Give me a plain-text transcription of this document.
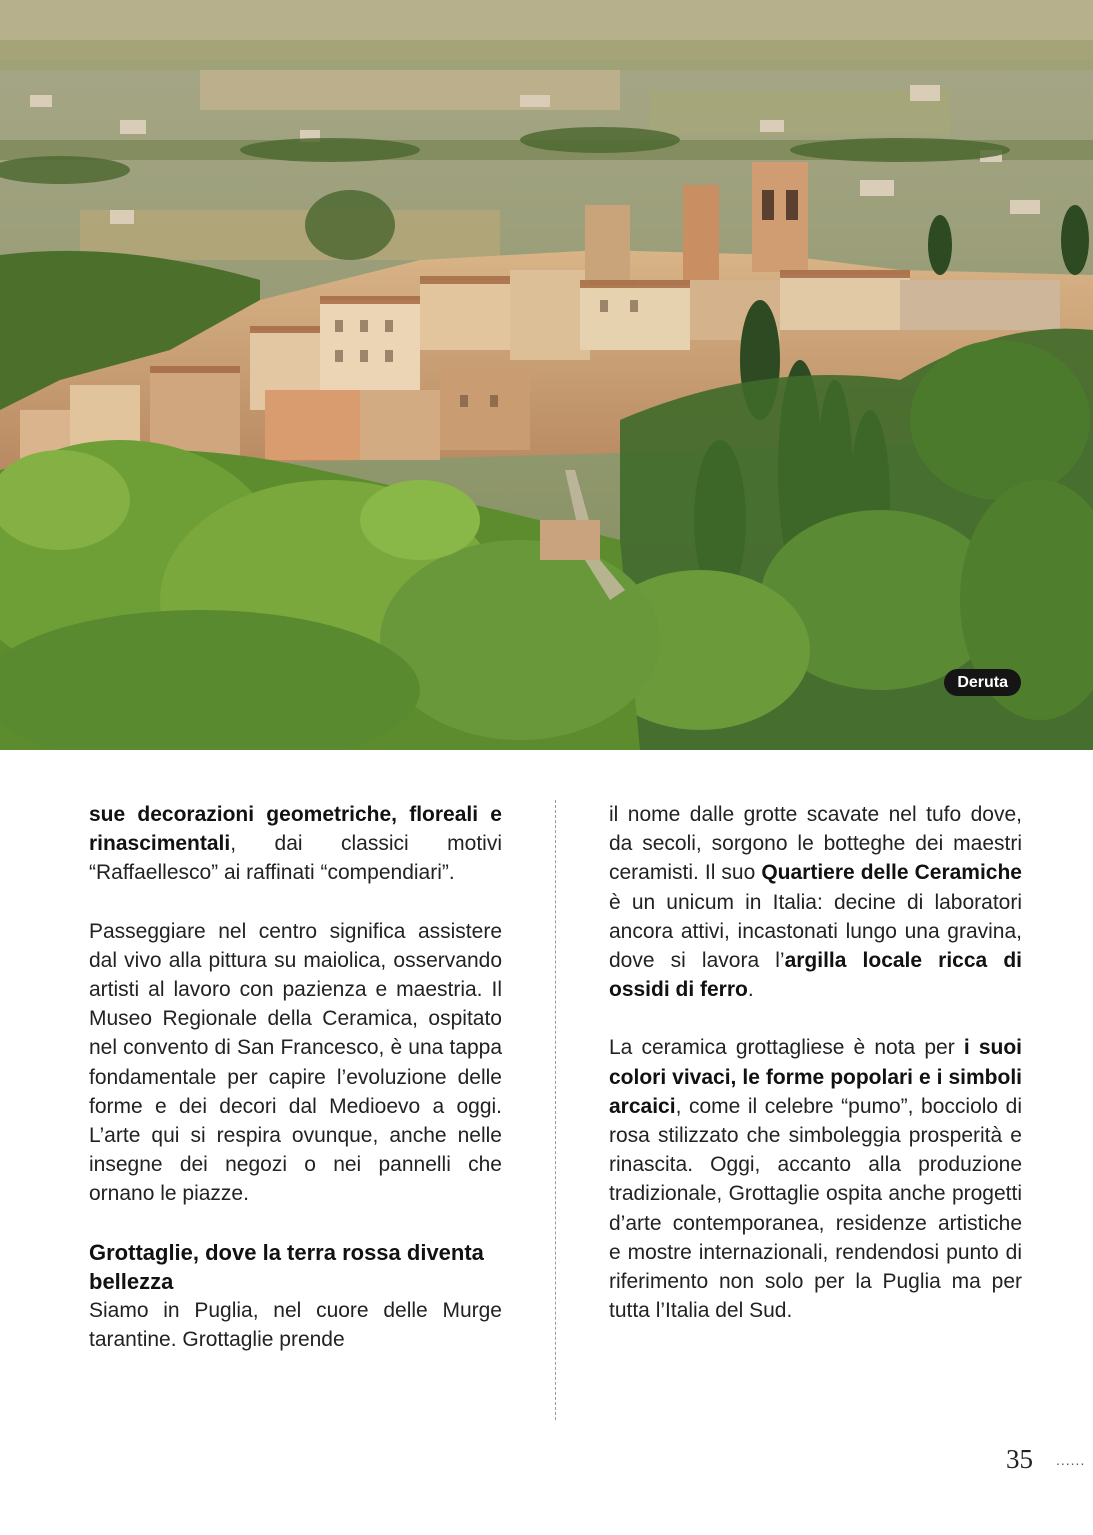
Deruta

sue decorazioni geometriche, floreali e rinascimentali, dai classici motivi “Raffaellesco” ai raffinati “compendiari”.

Passeggiare nel centro significa assistere dal vivo alla pittura su maiolica, osservando artisti al lavoro con pazienza e maestria. Il Museo Regionale della Ceramica, ospitato nel convento di San Francesco, è una tappa fondamentale per capire l’evoluzione delle forme e dei decori dal Medioevo a oggi. L’arte qui si respira ovunque, anche nelle insegne dei negozi o nei pannelli che ornano le piazze.

Grottaglie, dove la terra rossa diventa bellezza

Siamo in Puglia, nel cuore delle Murge tarantine. Grottaglie prende

il nome dalle grotte scavate nel tufo dove, da secoli, sorgono le botteghe dei maestri ceramisti. Il suo Quartiere delle Ceramiche è un unicum in Italia: decine di laboratori ancora attivi, incastonati lungo una gravina, dove si lavora l’argilla locale ricca di ossidi di ferro.

La ceramica grottagliese è nota per i suoi colori vivaci, le forme popolari e i simboli arcaici, come il celebre “pumo”, bocciolo di rosa stilizzato che simboleggia prosperità e rinascita. Oggi, accanto alla produzione tradizionale, Grottaglie ospita anche progetti d’arte contemporanea, residenze artistiche e mostre internazionali, rendendosi punto di riferimento non solo per la Puglia ma per tutta l’Italia del Sud.

35 ......
